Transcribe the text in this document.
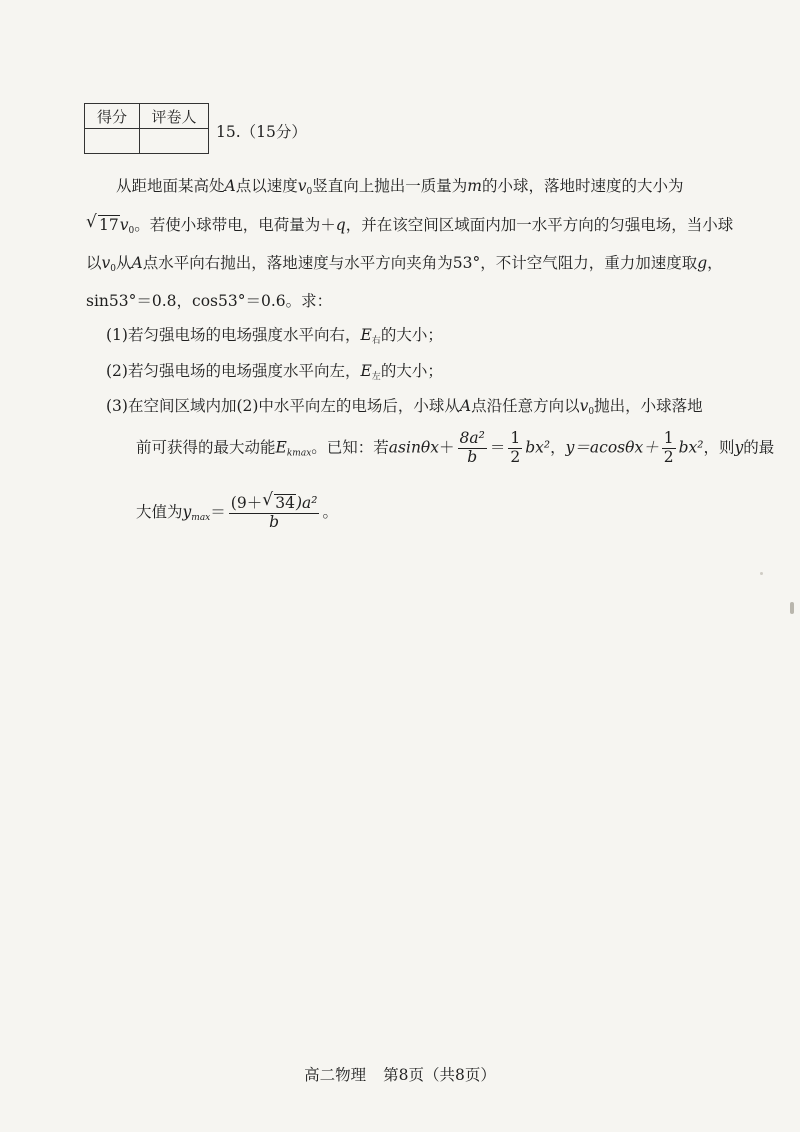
得分	评卷人

15.（15分）
从距地面某高处A点以速度$v_0$竖直向上抛出一质量为m的小球，落地时速度的大小为
√ $17v_0$。若使小球带电，电荷量为＋q，并在该空间区域面内加一水平方向的匀强电场，当小球
以$v_0$从A点水平向右抛出，落地速度与水平方向夹角为53°，不计空气阻力，重力加速度取g，
sin53°＝0.8，cos53°＝0.6。求：
(1)若匀强电场的电场强度水平向右，$E_右$的大小；
(2)若匀强电场的电场强度水平向左，$E_左$的大小；
(3)在空间区域内加(2)中水平向左的电场后，小球从A点沿任意方向以$v_0$抛出，小球落地
前可获得的最大动能$E_{kmax}$。已知：若$asin\theta x+ \frac{\text{8a²}}{b} = \frac{1}{2} bx^2$，$y=acos\theta x+ \frac{1}{2} bx^2$，则y的最
大值为$y_{max}= \frac{\text{(9＋ √ 34)a²}}{b}$ 。
高二物理 第8页（共8页）
